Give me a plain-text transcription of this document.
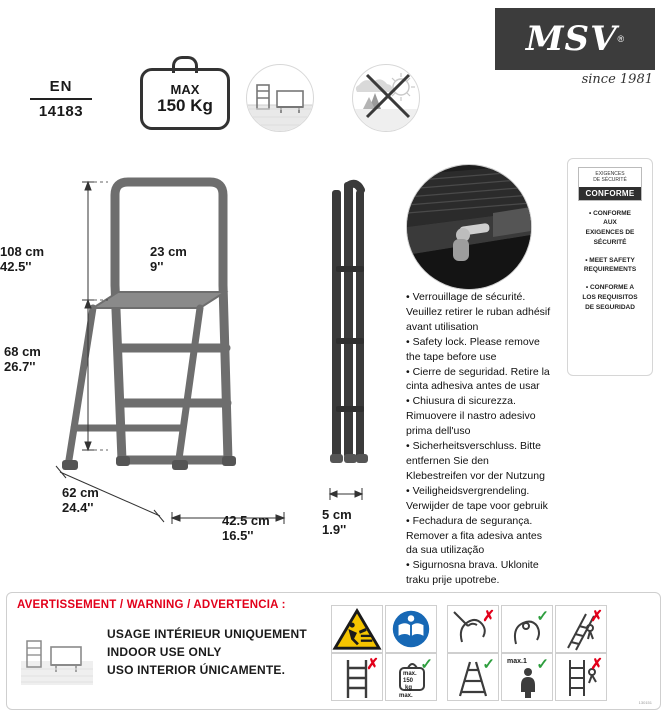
MSV ®
since 1981
EN
14183
MAX
150 Kg
EXIGENCES
DE SÉCURITÉ
CONFORME

• CONFORME
AUX
EXIGENCES DE
SÉCURITÉ

• MEET SAFETY
REQUIREMENTS

• CONFORME A
LOS REQUISITOS
DE SEGURIDAD

108 cm
42.5''
68 cm
26.7''
23 cm
9''
62 cm
24.4''
42.5 cm
16.5''
5 cm
1.9''
• Verrouillage de sécurité.
Veuillez retirer le ruban adhésif
avant utilisation
• Safety lock. Please remove
the tape before use
• Cierre de seguridad. Retire la
cinta adhesiva antes de usar
• Chiusura di sicurezza.
Rimuovere il nastro adesivo
prima dell'uso
• Sicherheitsverschluss. Bitte
entfernen Sie den
Klebestreifen vor der Nutzung
• Veiligheidsvergrendeling.
Verwijder de tape voor gebruik
• Fechadura de segurança.
Remover a fita adesiva antes
da sua utilização
• Sigurnosna brava. Uklonite
traku prije upotrebe.
AVERTISSEMENT / WARNING / ADVERTENCIA :
USAGE INTÉRIEUR UNIQUEMENT
INDOOR USE ONLY
USO INTERIOR ÚNICAMENTE.
✗	✓	✗
✗
max.
150
kg
✓	✓ max.1 ✓	✗
max.
130151
